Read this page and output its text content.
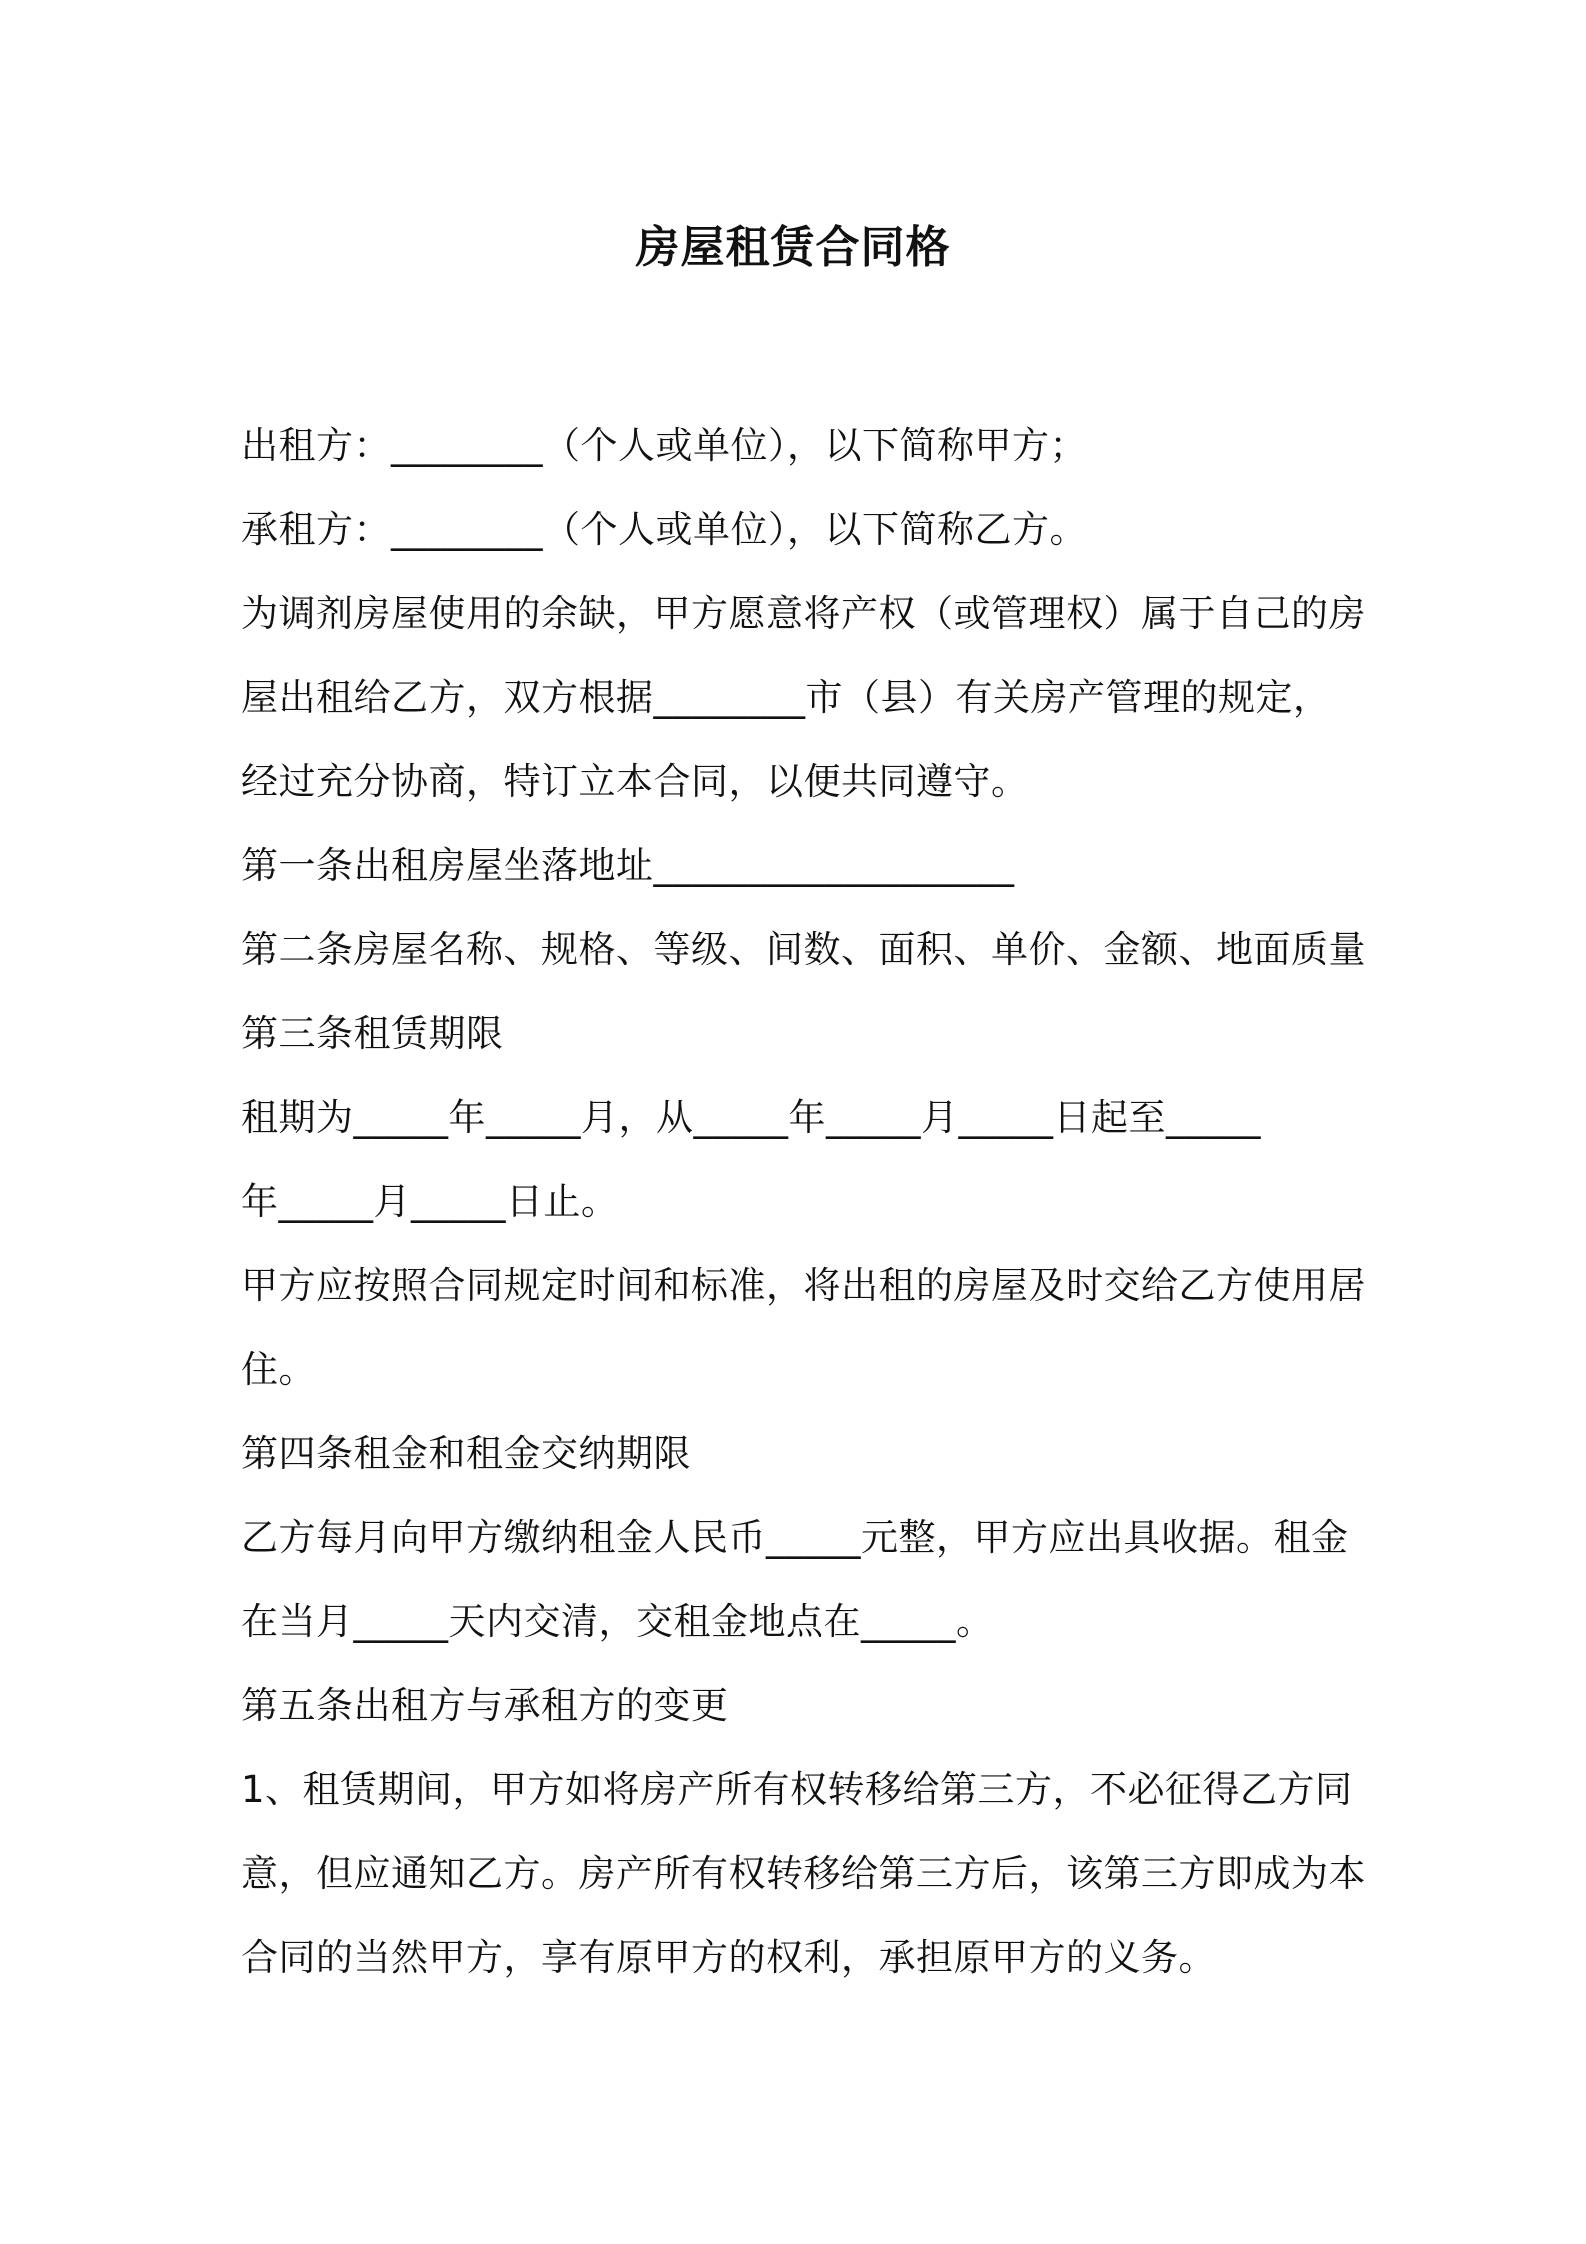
房屋租赁合同格
出租方：________（个人或单位），以下简称甲方；
承租方：________（个人或单位），以下简称乙方。
为调剂房屋使用的余缺，甲方愿意将产权（或管理权）属于自己的房
屋出租给乙方，双方根据________市（县）有关房产管理的规定，
经过充分协商，特订立本合同，以便共同遵守。
第一条出租房屋坐落地址___________________
第二条房屋名称、规格、等级、间数、面积、单价、金额、地面质量
第三条租赁期限
租期为_____年_____月，从_____年_____月_____日起至_____
年_____月_____日止。
甲方应按照合同规定时间和标准，将出租的房屋及时交给乙方使用居
住。
第四条租金和租金交纳期限
乙方每月向甲方缴纳租金人民币_____元整，甲方应出具收据。租金
在当月_____天内交清，交租金地点在_____。
第五条出租方与承租方的变更
1、租赁期间，甲方如将房产所有权转移给第三方，不必征得乙方同
意，但应通知乙方。房产所有权转移给第三方后，该第三方即成为本
合同的当然甲方，享有原甲方的权利，承担原甲方的义务。
